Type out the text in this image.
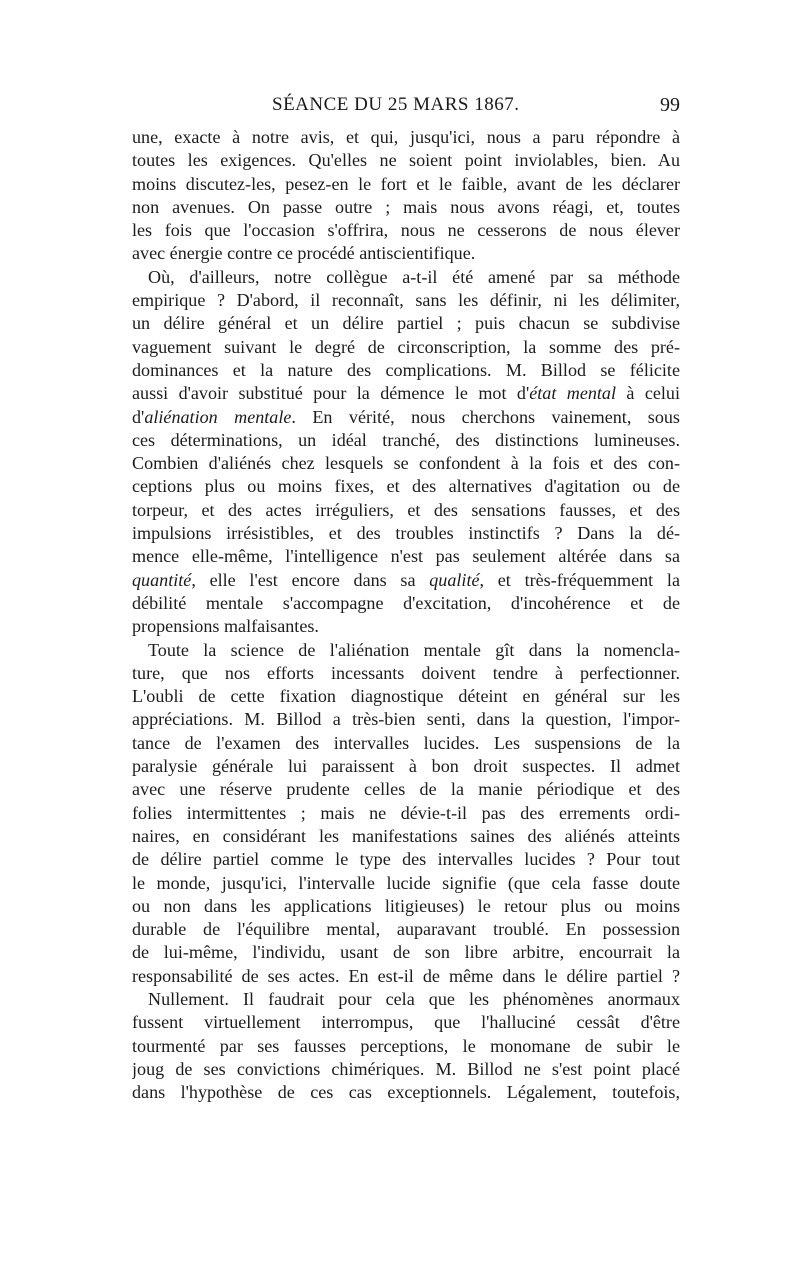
SÉANCE DU 25 MARS 1867.	99
une, exacte à notre avis, et qui, jusqu'ici, nous a paru répondre à
toutes les exigences. Qu'elles ne soient point inviolables, bien. Au
moins discutez-les, pesez-en le fort et le faible, avant de les déclarer
non avenues. On passe outre ; mais nous avons réagi, et, toutes
les fois que l'occasion s'offrira, nous ne cesserons de nous élever
avec énergie contre ce procédé antiscientifique.
Où, d'ailleurs, notre collègue a-t-il été amené par sa méthode
empirique ? D'abord, il reconnaît, sans les définir, ni les délimiter,
un délire général et un délire partiel ; puis chacun se subdivise
vaguement suivant le degré de circonscription, la somme des pré-
dominances et la nature des complications. M. Billod se félicite
aussi d'avoir substitué pour la démence le mot d'état mental à celui
d'aliénation mentale. En vérité, nous cherchons vainement, sous
ces déterminations, un idéal tranché, des distinctions lumineuses.
Combien d'aliénés chez lesquels se confondent à la fois et des con-
ceptions plus ou moins fixes, et des alternatives d'agitation ou de
torpeur, et des actes irréguliers, et des sensations fausses, et des
impulsions irrésistibles, et des troubles instinctifs ? Dans la dé-
mence elle-même, l'intelligence n'est pas seulement altérée dans sa
quantité, elle l'est encore dans sa qualité, et très-fréquemment la
débilité mentale s'accompagne d'excitation, d'incohérence et de
propensions malfaisantes.
Toute la science de l'aliénation mentale gît dans la nomencla-
ture, que nos efforts incessants doivent tendre à perfectionner.
L'oubli de cette fixation diagnostique déteint en général sur les
appréciations. M. Billod a très-bien senti, dans la question, l'impor-
tance de l'examen des intervalles lucides. Les suspensions de la
paralysie générale lui paraissent à bon droit suspectes. Il admet
avec une réserve prudente celles de la manie périodique et des
folies intermittentes ; mais ne dévie-t-il pas des errements ordi-
naires, en considérant les manifestations saines des aliénés atteints
de délire partiel comme le type des intervalles lucides ? Pour tout
le monde, jusqu'ici, l'intervalle lucide signifie (que cela fasse doute
ou non dans les applications litigieuses) le retour plus ou moins
durable de l'équilibre mental, auparavant troublé. En possession
de lui-même, l'individu, usant de son libre arbitre, encourrait la
responsabilité de ses actes. En est-il de même dans le délire partiel ?
Nullement. Il faudrait pour cela que les phénomènes anormaux
fussent virtuellement interrompus, que l'halluciné cessât d'être
tourmenté par ses fausses perceptions, le monomane de subir le
joug de ses convictions chimériques. M. Billod ne s'est point placé
dans l'hypothèse de ces cas exceptionnels. Légalement, toutefois,
